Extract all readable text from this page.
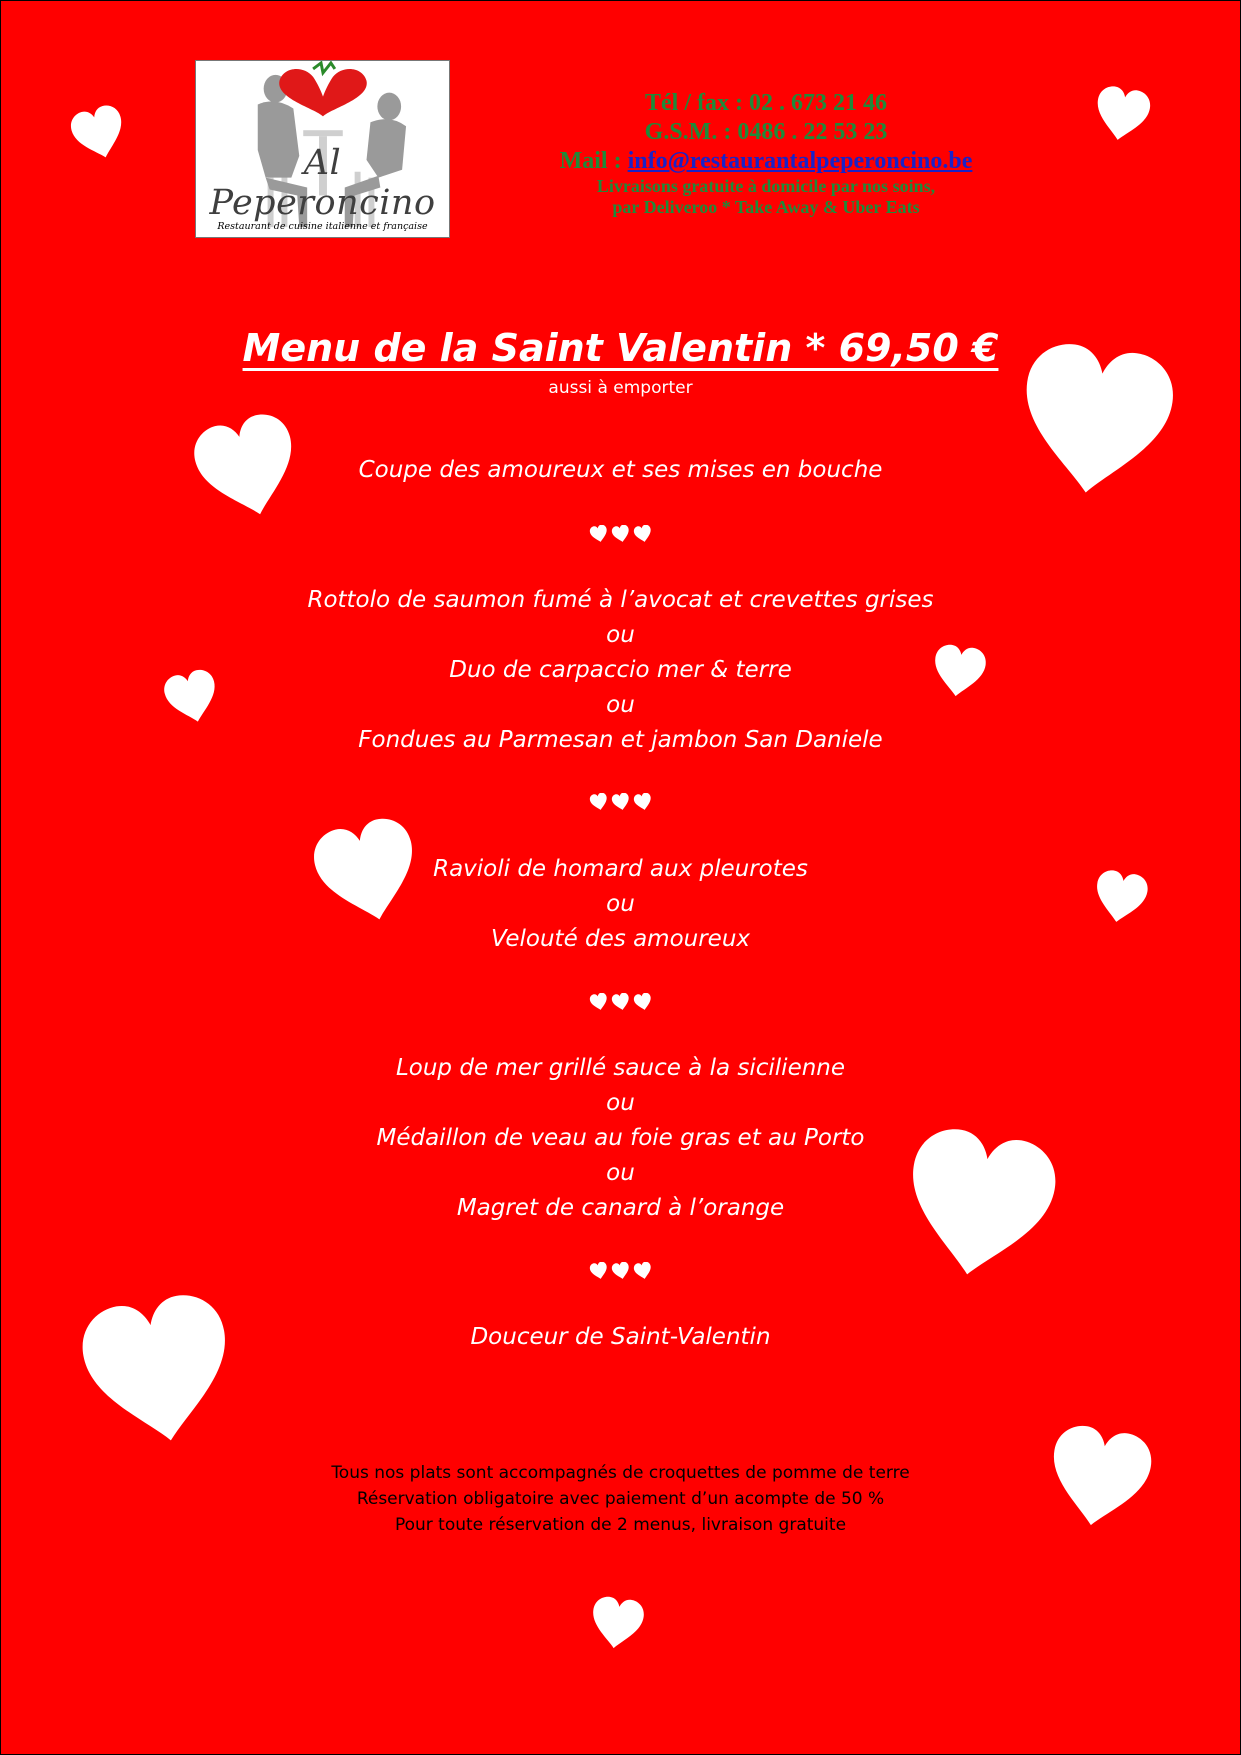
Al Peperoncino
Restaurant de cuisine italienne et française
Tél / fax : 02 . 673 21 46
G.S.M. : 0486 . 22 53 23
Mail : info@restaurantalpeperoncino.be
Livraisons gratuite à domicile par nos soins,
par Deliveroo * Take Away & Uber Eats
Menu de la Saint Valentin * 69,50 €
aussi à emporter
Coupe des amoureux et ses mises en bouche
Rottolo de saumon fumé à l’avocat et crevettes grises
ou
Duo de carpaccio mer & terre
ou
Fondues au Parmesan et jambon San Daniele
Ravioli de homard aux pleurotes
ou
Velouté des amoureux
Loup de mer grillé sauce à la sicilienne
ou
Médaillon de veau au foie gras et au Porto
ou
Magret de canard à l’orange
Douceur de Saint-Valentin
Tous nos plats sont accompagnés de croquettes de pomme de terre
Réservation obligatoire avec paiement d’un acompte de 50 %
Pour toute réservation de 2 menus, livraison gratuite
